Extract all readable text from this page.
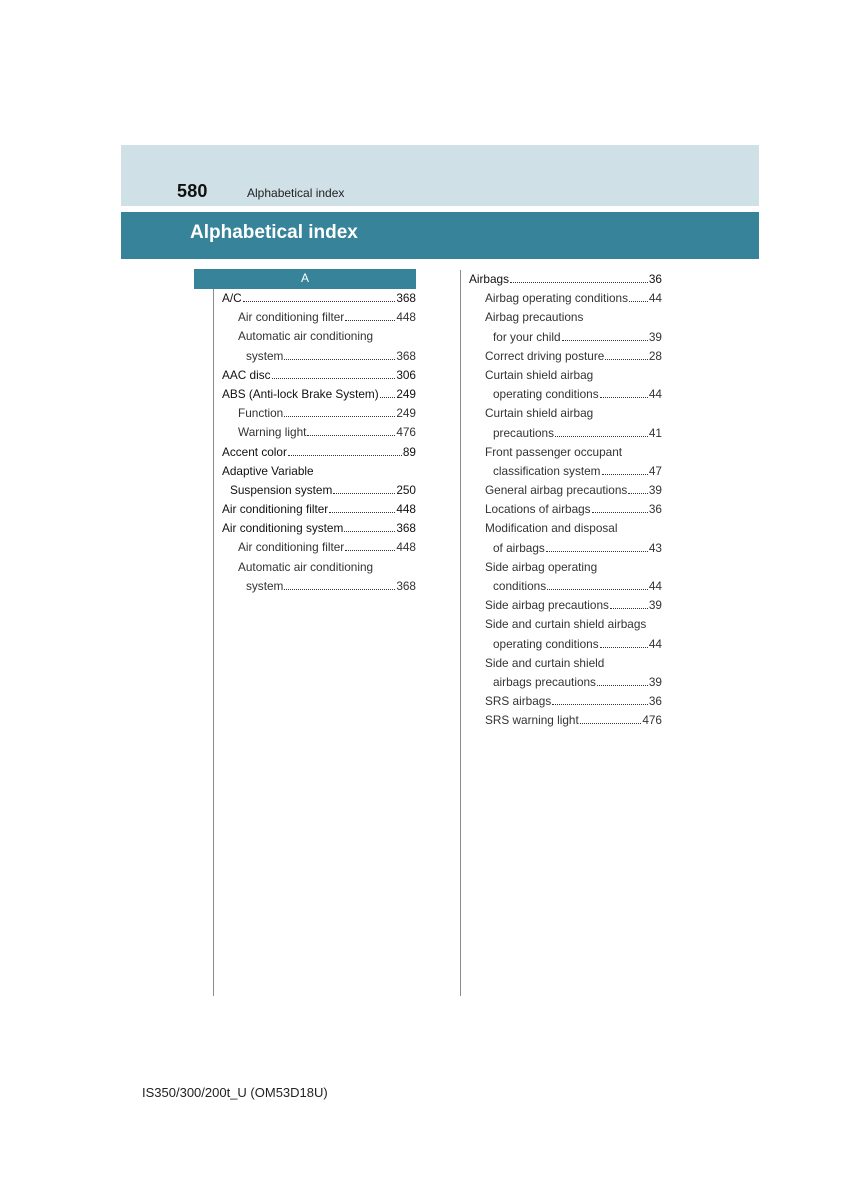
580	Alphabetical index
Alphabetical index
A
A/C	368
Air conditioning filter	448
Automatic air conditioning
system	368
AAC disc	306
ABS (Anti-lock Brake System) 249
Function	249
Warning light	476
Accent color	89
Adaptive Variable
Suspension system	250
Air conditioning filter	448
Air conditioning system	368
Air conditioning filter	448
Automatic air conditioning
system	368
Airbags	36
Airbag operating conditions 44
Airbag precautions
for your child	39
Correct driving posture	28
Curtain shield airbag
operating conditions	44
Curtain shield airbag
precautions	41
Front passenger occupant
classification system	47
General airbag precautions 39
Locations of airbags	36
Modification and disposal
of airbags	43
Side airbag operating
conditions	44
Side airbag precautions	39
Side and curtain shield airbags
operating conditions	44
Side and curtain shield
airbags precautions	39
SRS airbags	36
SRS warning light	476
IS350/300/200t_U (OM53D18U)
